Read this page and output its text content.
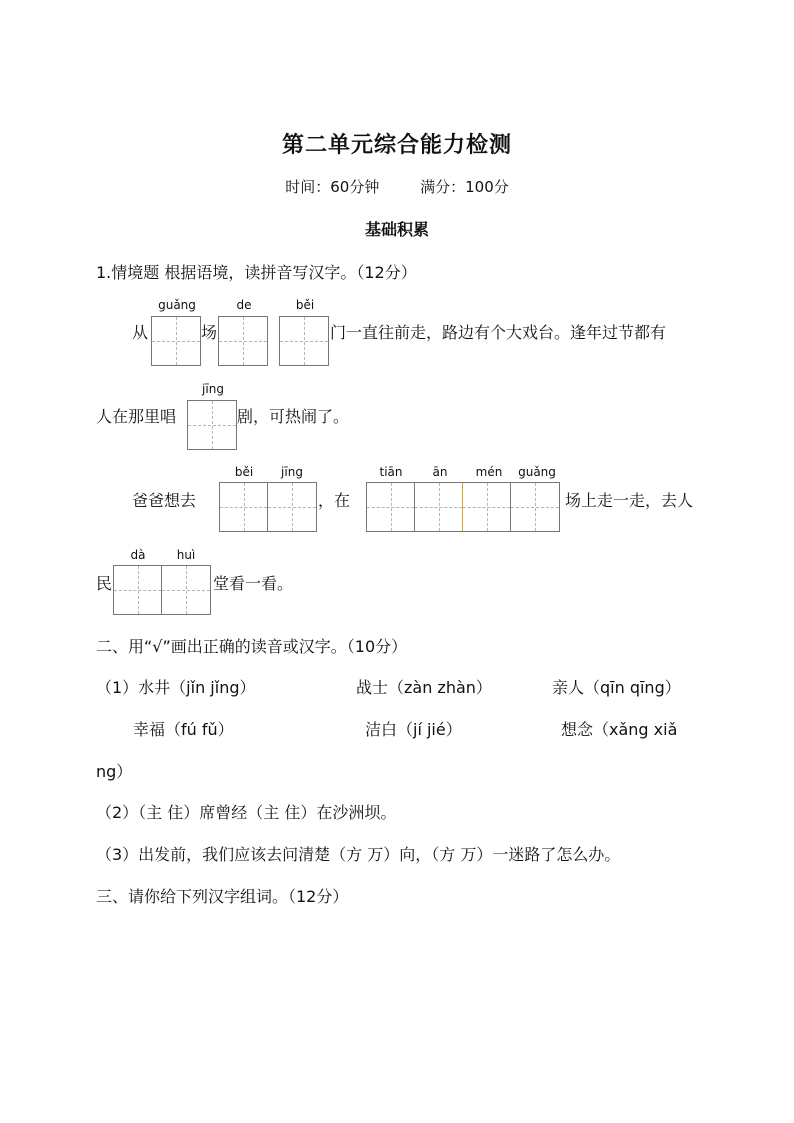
第二单元综合能力检测
时间：60分钟	满分：100分
基础积累
1.情境题 根据语境，读拼音写汉字。（12分）
guǎng	de	běi
从	场	门一直往前走，路边有个大戏台。逢年过节都有
jīng
人在那里唱	剧，可热闹了。
běi	jīng
爸爸想去	，在
tiān	ān	mén	guǎng
场上走一走，去人
dà	huì
民	堂看一看。
二、用“√”画出正确的读音或汉字。（10分）
（1）水井（jǐn jǐng）	战士（zàn zhàn）	亲人（qīn qīng）
幸福（fú fǔ）	洁白（jí jié）	想念（xǎng xiǎ
ng）
（2）（主 住）席曾经（主 住）在沙洲坝。
（3）出发前，我们应该去问清楚（方 万）向，（方 万）一迷路了怎么办。
三、请你给下列汉字组词。（12分）
